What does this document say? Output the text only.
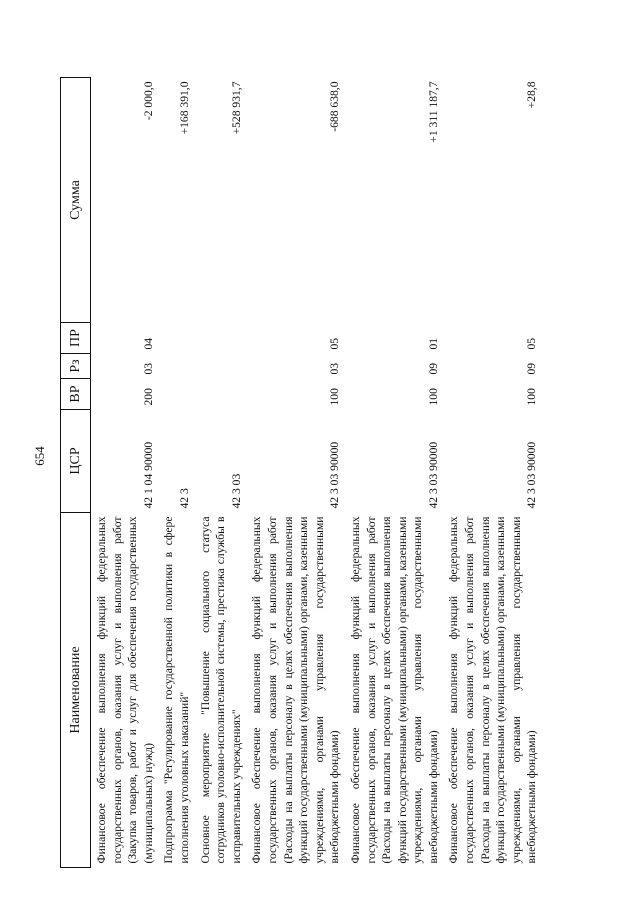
654
Наименование	ЦСР	ВР	Рз	ПР	Сумма
Финансовое обеспечение выполнения функций федеральных государственных органов, оказания услуг и выполнения работ (Закупка товаров, работ и услуг для обеспечения государственных (муниципальных) нужд)	42 1 04 90000	200	03	04	-2 000,0
Подпрограмма "Регулирование государственной политики в сфере исполнения уголовных наказаний"	42 3				+168 391,0
Основное мероприятие "Повышение социального статуса сотрудников уголовно-исполнительной системы, престижа службы в исправительных учреждениях"	42 3 03				+528 931,7
Финансовое обеспечение выполнения функций федеральных государственных органов, оказания услуг и выполнения работ (Расходы на выплаты персоналу в целях обеспечения выполнения функций государственными (муниципальными) органами, казенными учреждениями, органами управления государственными внебюджетными фондами)	42 3 03 90000	100	03	05	-688 638,0
Финансовое обеспечение выполнения функций федеральных государственных органов, оказания услуг и выполнения работ (Расходы на выплаты персоналу в целях обеспечения выполнения функций государственными (муниципальными) органами, казенными учреждениями, органами управления государственными внебюджетными фондами)	42 3 03 90000	100	09	01	+1 311 187,7
Финансовое обеспечение выполнения функций федеральных государственных органов, оказания услуг и выполнения работ (Расходы на выплаты персоналу в целях обеспечения выполнения функций государственными (муниципальными) органами, казенными учреждениями, органами управления государственными внебюджетными фондами)	42 3 03 90000	100	09	05	+28,8
